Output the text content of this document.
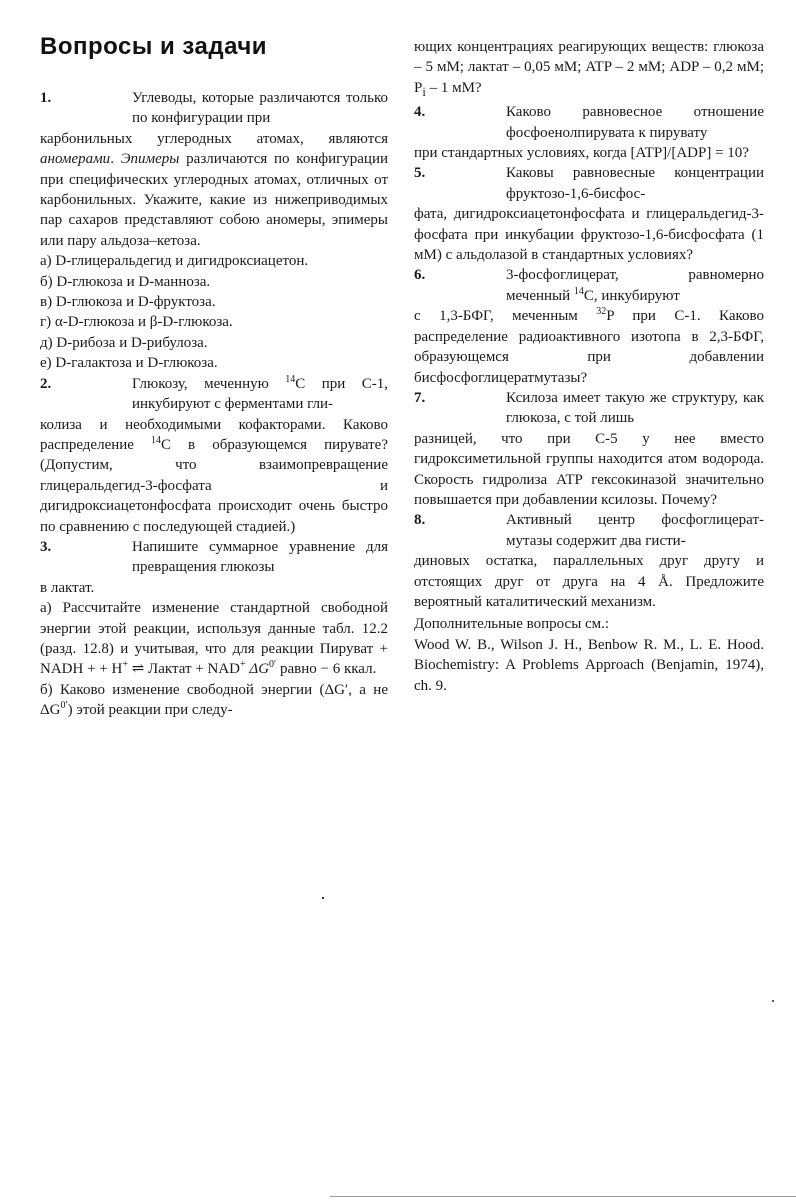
Вопросы и задачи
1.	Углеводы, которые различаются только по конфигурации при

карбонильных углеродных атомах, являются аномерами. Эпимеры различаются по конфигурации при специфических углеродных атомах, отличных от карбонильных. Укажите, какие из нижеприводимых пар сахаров представляют собою аномеры, эпимеры или пару альдоза–кетоза.

а) D-глицеральдегид и дигидроксиацетон.

б) D-глюкоза и D-манноза.

в) D-глюкоза и D-фруктоза.

г) α-D-глюкоза и β-D-глюкоза.

д) D-рибоза и D-рибулоза.

е) D-галактоза и D-глюкоза.

2.	Глюкозу, меченную $^{14}$C при C-1, инкубируют с ферментами гли-

колиза и необходимыми кофакторами. Каково распределение $^{14}$C в образующемся пирувате? (Допустим, что взаимопревращение глицеральдегид-3-фосфата и дигидроксиацетонфосфата происходит очень быстро по сравнению с последующей стадией.)

3.	Напишите суммарное уравнение для превращения глюкозы

в лактат.

а) Рассчитайте изменение стандартной свободной энергии этой реакции, используя данные табл. 12.2 (разд. 12.8) и учитывая, что для реакции Пируват + NADH + + H+ ⇌ Лактат + NAD+ $\Delta G^{0'}$ равно − 6 ккал.

б) Каково изменение свободной энергии (ΔG′, а не $\Delta G^{0'}$) этой реакции при следу-

ющих концентрациях реагирующих веществ: глюкоза – 5 мМ; лактат – 0,05 мМ; ATP – 2 мМ; ADP – 0,2 мМ; $P_i - 1$ мМ?

4.	Каково равновесное отношение фосфоенолпирувата к пирувату

при стандартных условиях, когда [ATP]/[ADP] = 10?

5.	Каковы равновесные концентрации фруктозо-1,6-бисфос-

фата, дигидроксиацетонфосфата и глицеральдегид-3-фосфата при инкубации фруктозо-1,6-бисфосфата (1 мМ) с альдолазой в стандартных условиях?

6.	3-фосфоглицерат, равномерно меченный $^{14}$C, инкубируют

с 1,3-БФГ, меченным $^{32}$P при C-1. Каково распределение радиоактивного изотопа в 2,3-БФГ, образующемся при добавлении бисфосфоглицератмутазы?

7.	Ксилоза имеет такую же структуру, как глюкоза, с той лишь

разницей, что при C-5 у нее вместо гидроксиметильной группы находится атом водорода. Скорость гидролиза ATP гексокиназой значительно повышается при добавлении ксилозы. Почему?

8.	Активный центр фосфоглицерат-мутазы содержит два гисти-

диновых остатка, параллельных друг другу и отстоящих друг от друга на 4 Å. Предложите вероятный каталитический механизм.

Дополнительные вопросы см.:

Wood W. B., Wilson J. H., Benbow R. M., L. E. Hood. Biochemistry: A Problems Approach (Benjamin, 1974), ch. 9.
